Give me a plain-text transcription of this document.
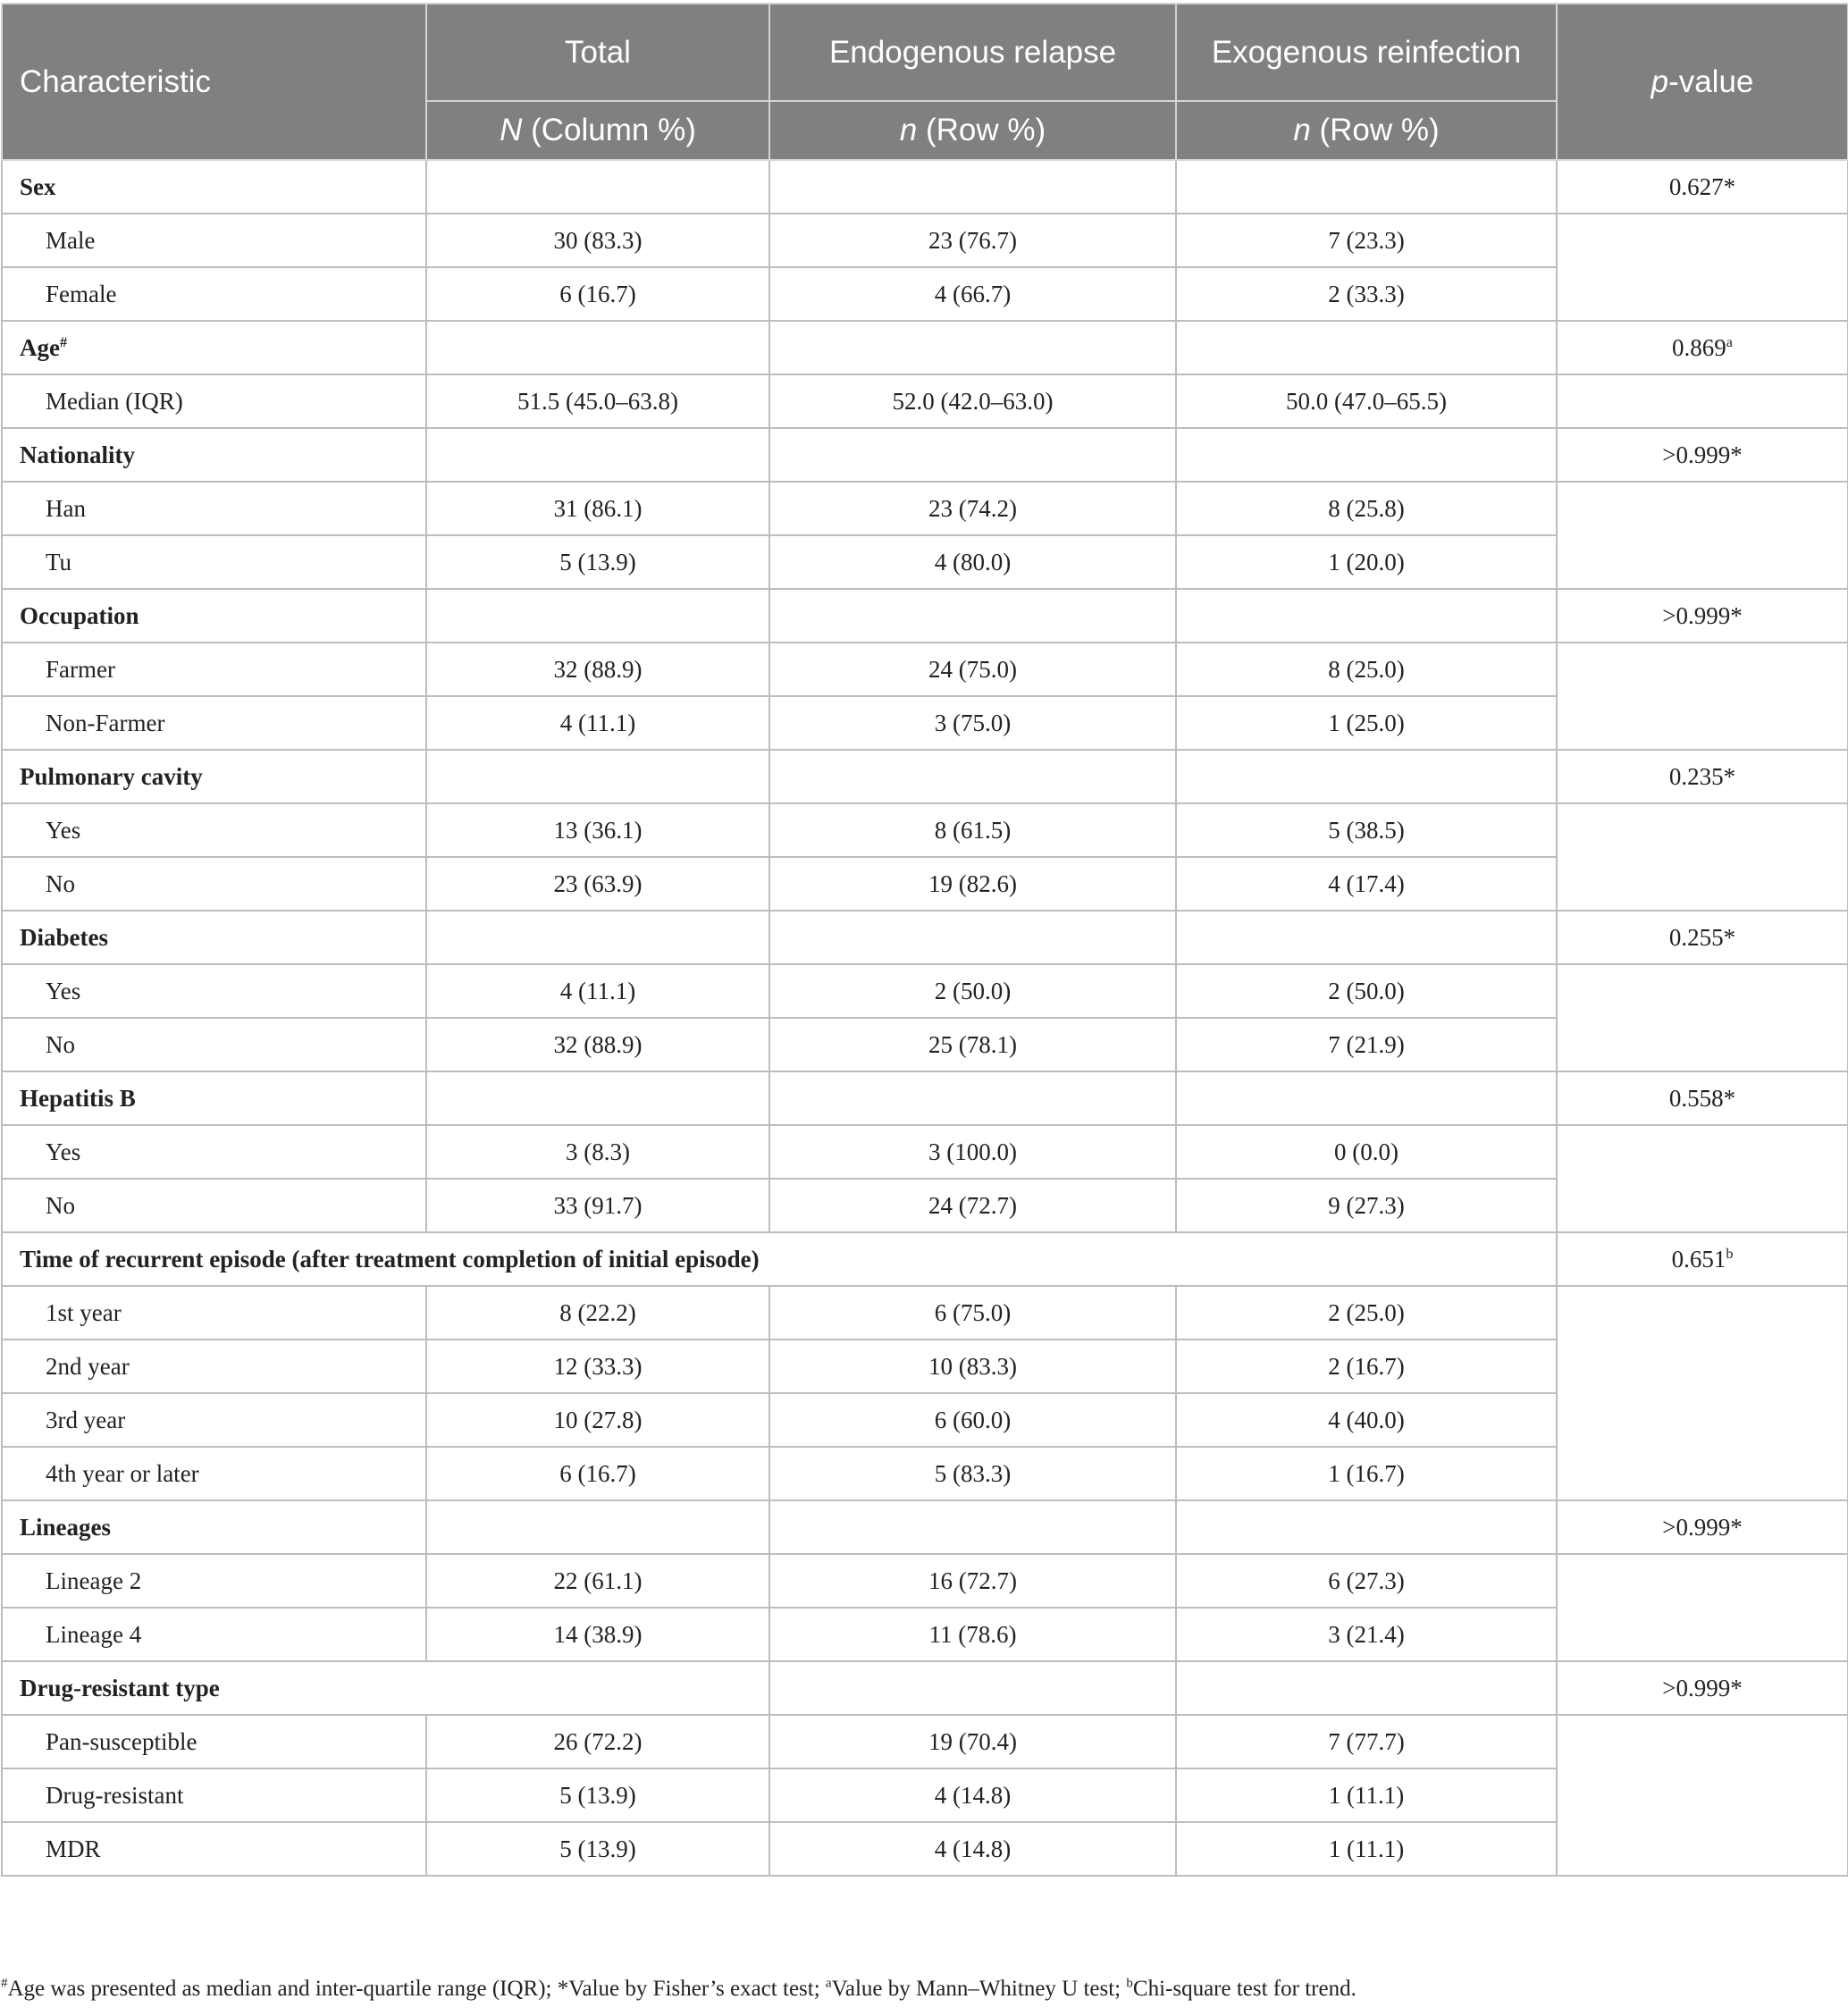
Characteristic	Total	Endogenous relapse	Exogenous reinfection	p-value
	N (Column %)	n (Row %)	n (Row %)	
Sex				0.627*
Male	30 (83.3)	23 (76.7)	7 (23.3)	
Female	6 (16.7)	4 (66.7)	2 (33.3)	
Age#				0.869$^a$
Median (IQR)	51.5 (45.0–63.8)	52.0 (42.0–63.0)	50.0 (47.0–65.5)	
Nationality				>0.999*
Han	31 (86.1)	23 (74.2)	8 (25.8)	
Tu	5 (13.9)	4 (80.0)	1 (20.0)	
Occupation				>0.999*
Farmer	32 (88.9)	24 (75.0)	8 (25.0)	
Non-Farmer	4 (11.1)	3 (75.0)	1 (25.0)	
Pulmonary cavity				0.235*
Yes	13 (36.1)	8 (61.5)	5 (38.5)	
No	23 (63.9)	19 (82.6)	4 (17.4)	
Diabetes				0.255*
Yes	4 (11.1)	2 (50.0)	2 (50.0)	
No	32 (88.9)	25 (78.1)	7 (21.9)	
Hepatitis B				0.558*
Yes	3 (8.3)	3 (100.0)	0 (0.0)	
No	33 (91.7)	24 (72.7)	9 (27.3)	
Time of recurrent episode (after treatment completion of initial episode)				0.651$^b$
1st year	8 (22.2)	6 (75.0)	2 (25.0)	
2nd year	12 (33.3)	10 (83.3)	2 (16.7)	
3rd year	10 (27.8)	6 (60.0)	4 (40.0)	
4th year or later	6 (16.7)	5 (83.3)	1 (16.7)	
Lineages				>0.999*
Lineage 2	22 (61.1)	16 (72.7)	6 (27.3)	
Lineage 4	14 (38.9)	11 (78.6)	3 (21.4)	
Drug-resistant type				>0.999*
Pan-susceptible	26 (72.2)	19 (70.4)	7 (77.7)	
Drug-resistant	5 (13.9)	4 (14.8)	1 (11.1)	
MDR	5 (13.9)	4 (14.8)	1 (11.1)	
#Age was presented as median and inter-quartile range (IQR); *Value by Fisher’s exact test; $^a$Value by Mann–Whitney U test; $^b$Chi-square test for trend.
